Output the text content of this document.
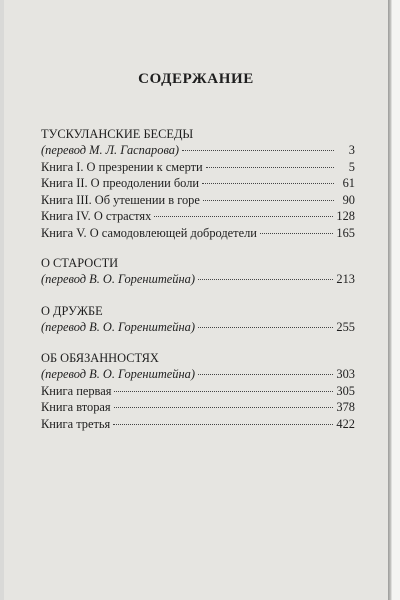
СОДЕРЖАНИЕ
ТУСКУЛАНСКИЕ БЕСЕДЫ
(перевод М. Л. Гаспарова)	3
Книга I. О презрении к смерти	5
Книга II. О преодолении боли	61
Книга III. Об утешении в горе	90
Книга IV. О страстях	128
Книга V. О самодовлеющей добродетели	165
О СТАРОСТИ
(перевод В. О. Горенштейна)	213
О ДРУЖБЕ
(перевод В. О. Горенштейна)	255
ОБ ОБЯЗАННОСТЯХ
(перевод В. О. Горенштейна)	303
Книга первая	305
Книга вторая	378
Книга третья	422
